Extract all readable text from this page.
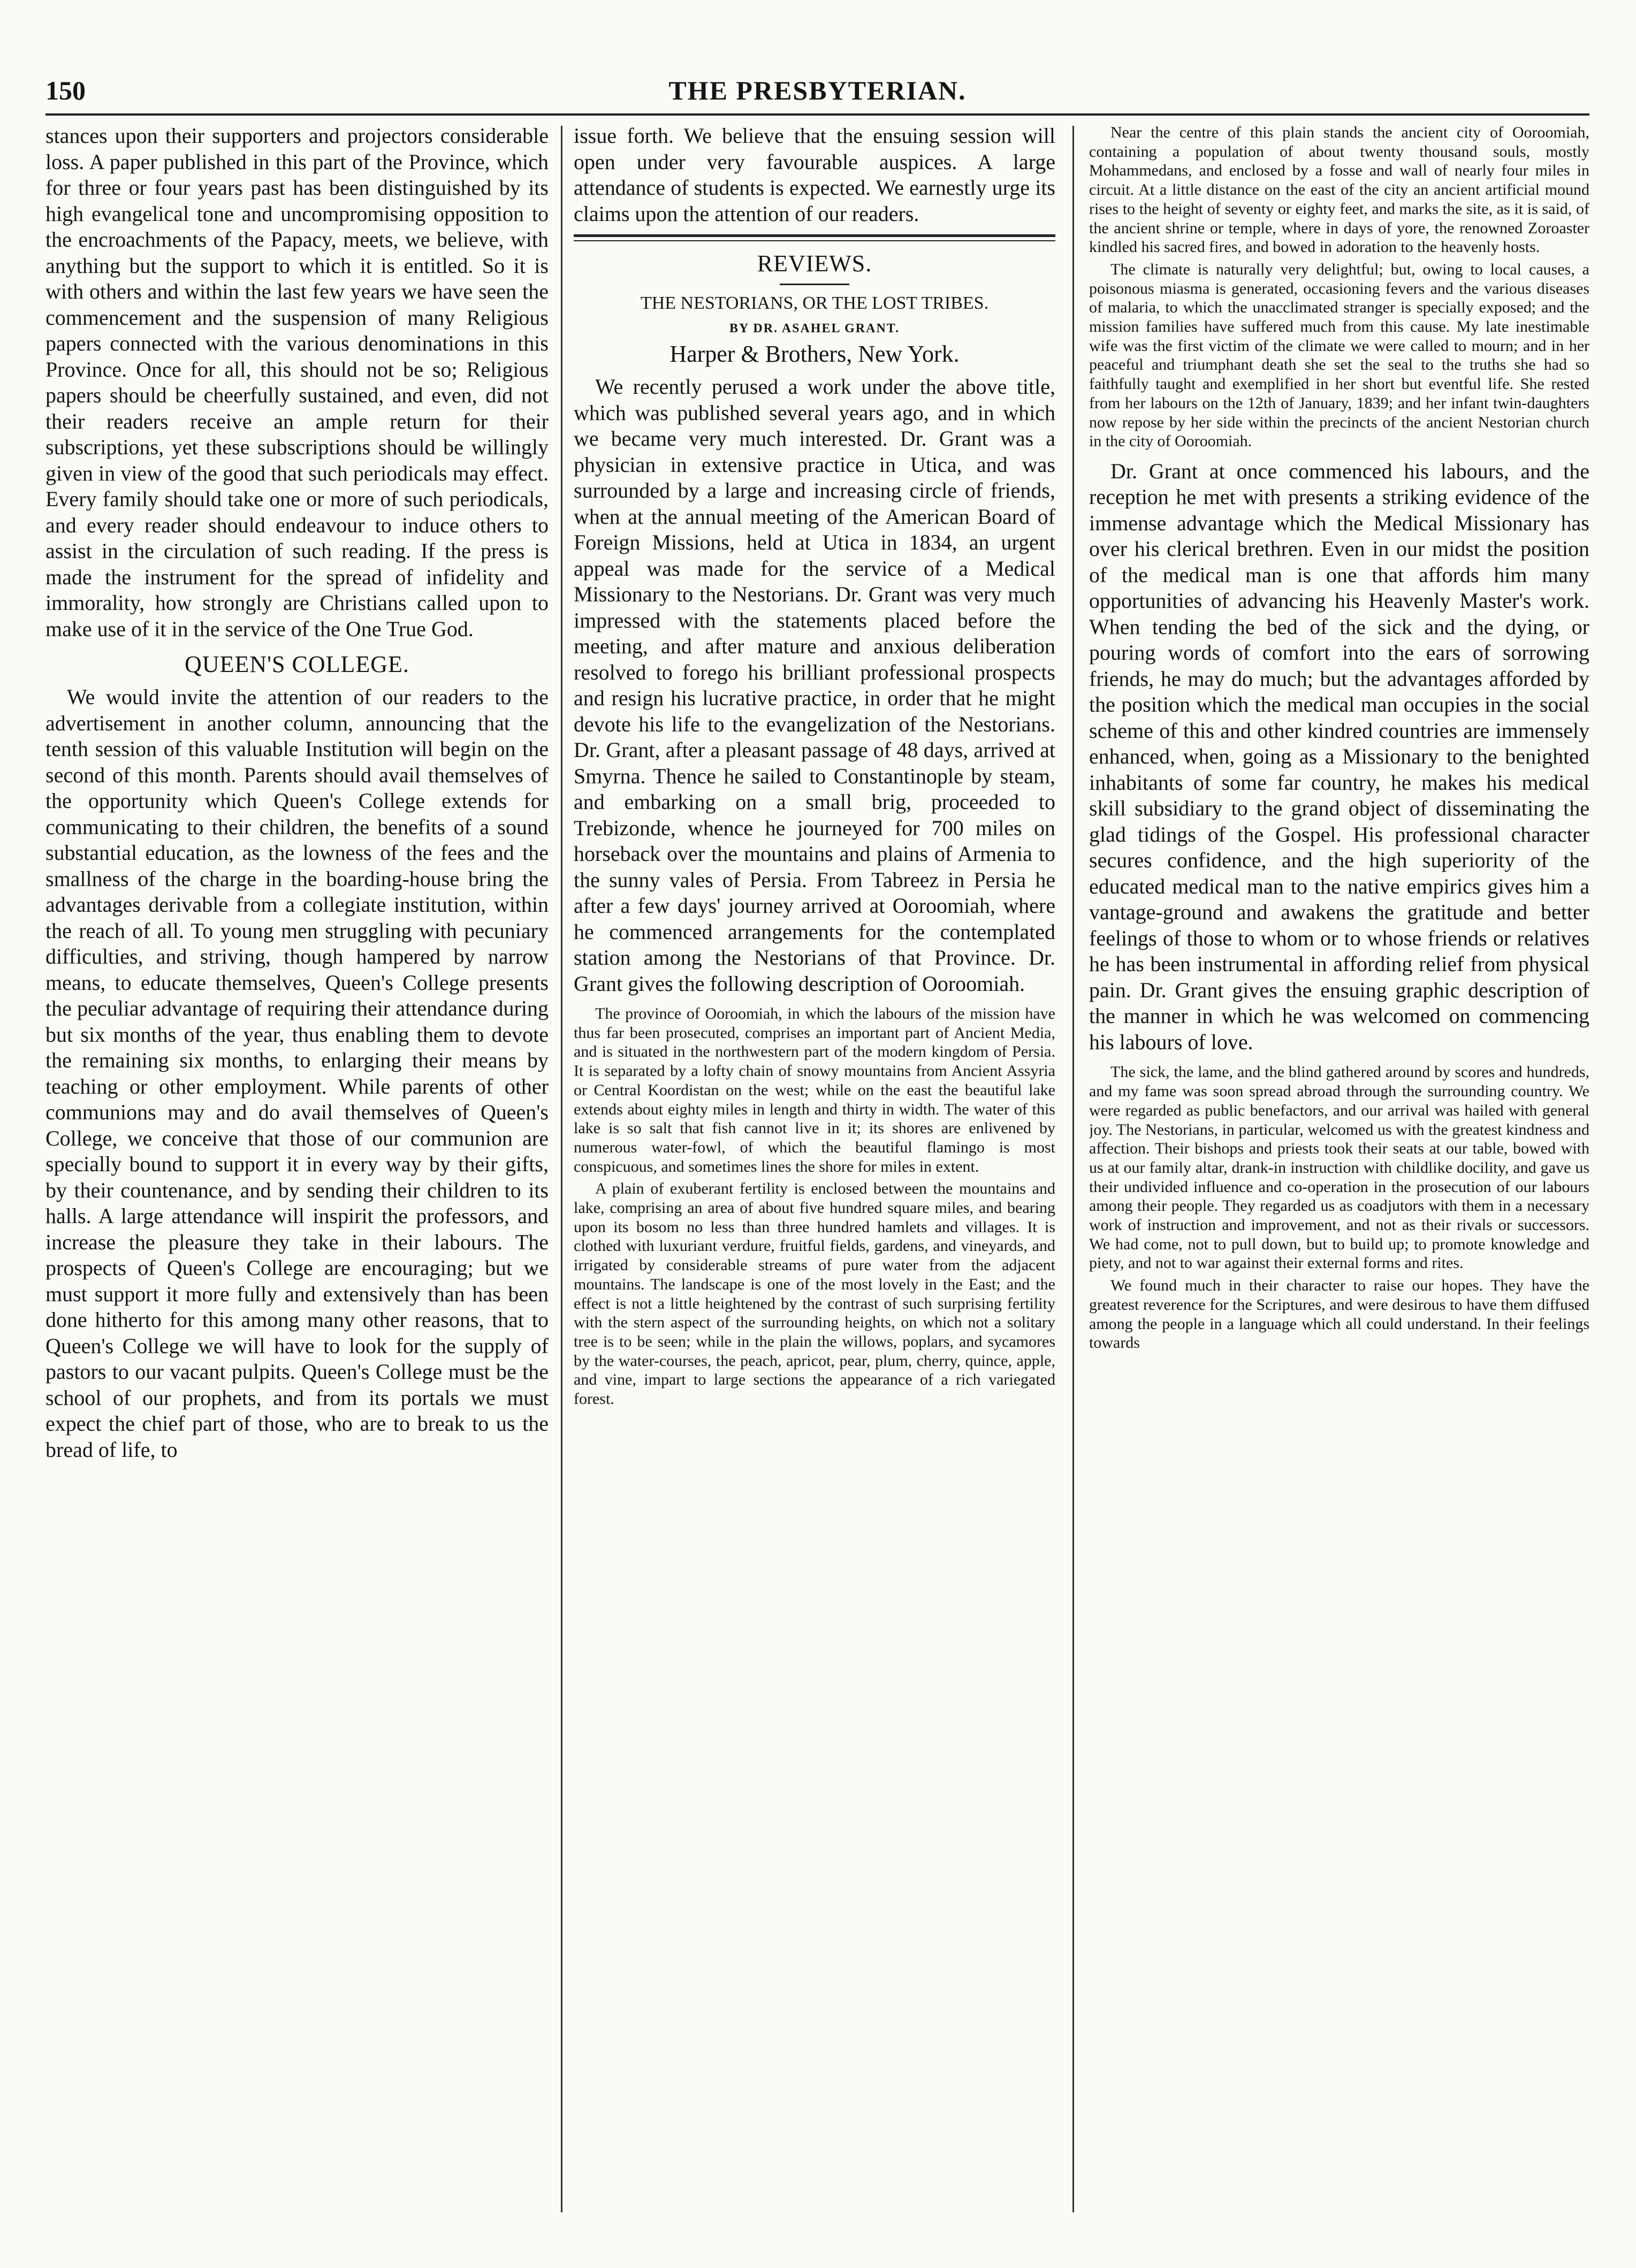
150	THE PRESBYTERIAN.

stances upon their supporters and projectors considerable loss. A paper published in this part of the Province, which for three or four years past has been distinguished by its high evangelical tone and uncompromising opposition to the encroachments of the Papacy, meets, we believe, with anything but the support to which it is entitled. So it is with others and within the last few years we have seen the commencement and the suspension of many Religious papers connected with the various denominations in this Province. Once for all, this should not be so; Religious papers should be cheerfully sustained, and even, did not their readers receive an ample return for their subscriptions, yet these subscriptions should be willingly given in view of the good that such periodicals may effect. Every family should take one or more of such periodicals, and every reader should endeavour to induce others to assist in the circulation of such reading. If the press is made the instrument for the spread of infidelity and immorality, how strongly are Christians called upon to make use of it in the service of the One True God.

QUEEN'S COLLEGE.

We would invite the attention of our readers to the advertisement in another column, announcing that the tenth session of this valuable Institution will begin on the second of this month. Parents should avail themselves of the opportunity which Queen's College extends for communicating to their children, the benefits of a sound substantial education, as the lowness of the fees and the smallness of the charge in the boarding-house bring the advantages derivable from a collegiate institution, within the reach of all. To young men struggling with pecuniary difficulties, and striving, though hampered by narrow means, to educate themselves, Queen's College presents the peculiar advantage of requiring their attendance during but six months of the year, thus enabling them to devote the remaining six months, to enlarging their means by teaching or other employment. While parents of other communions may and do avail themselves of Queen's College, we conceive that those of our communion are specially bound to support it in every way by their gifts, by their countenance, and by sending their children to its halls. A large attendance will inspirit the professors, and increase the pleasure they take in their labours. The prospects of Queen's College are encouraging; but we must support it more fully and extensively than has been done hitherto for this among many other reasons, that to Queen's College we will have to look for the supply of pastors to our vacant pulpits. Queen's College must be the school of our prophets, and from its portals we must expect the chief part of those, who are to break to us the bread of life, to

issue forth. We believe that the ensuing session will open under very favourable auspices. A large attendance of students is expected. We earnestly urge its claims upon the attention of our readers.

REVIEWS.
THE NESTORIANS, OR THE LOST TRIBES.
BY DR. ASAHEL GRANT.
Harper & Brothers, New York.

We recently perused a work under the above title, which was published several years ago, and in which we became very much interested. Dr. Grant was a physician in extensive practice in Utica, and was surrounded by a large and increasing circle of friends, when at the annual meeting of the American Board of Foreign Missions, held at Utica in 1834, an urgent appeal was made for the service of a Medical Missionary to the Nestorians. Dr. Grant was very much impressed with the statements placed before the meeting, and after mature and anxious deliberation resolved to forego his brilliant professional prospects and resign his lucrative practice, in order that he might devote his life to the evangelization of the Nestorians. Dr. Grant, after a pleasant passage of 48 days, arrived at Smyrna. Thence he sailed to Constantinople by steam, and embarking on a small brig, proceeded to Trebizonde, whence he journeyed for 700 miles on horseback over the mountains and plains of Armenia to the sunny vales of Persia. From Tabreez in Persia he after a few days' journey arrived at Ooroomiah, where he commenced arrangements for the contemplated station among the Nestorians of that Province. Dr. Grant gives the following description of Ooroomiah.

The province of Ooroomiah, in which the labours of the mission have thus far been prosecuted, comprises an important part of Ancient Media, and is situated in the northwestern part of the modern kingdom of Persia. It is separated by a lofty chain of snowy mountains from Ancient Assyria or Central Koordistan on the west; while on the east the beautiful lake extends about eighty miles in length and thirty in width. The water of this lake is so salt that fish cannot live in it; its shores are enlivened by numerous water-fowl, of which the beautiful flamingo is most conspicuous, and sometimes lines the shore for miles in extent.

A plain of exuberant fertility is enclosed between the mountains and lake, comprising an area of about five hundred square miles, and bearing upon its bosom no less than three hundred hamlets and villages. It is clothed with luxuriant verdure, fruitful fields, gardens, and vineyards, and irrigated by considerable streams of pure water from the adjacent mountains. The landscape is one of the most lovely in the East; and the effect is not a little heightened by the contrast of such surprising fertility with the stern aspect of the surrounding heights, on which not a solitary tree is to be seen; while in the plain the willows, poplars, and sycamores by the water-courses, the peach, apricot, pear, plum, cherry, quince, apple, and vine, impart to large sections the appearance of a rich variegated forest.

Near the centre of this plain stands the ancient city of Ooroomiah, containing a population of about twenty thousand souls, mostly Mohammedans, and enclosed by a fosse and wall of nearly four miles in circuit. At a little distance on the east of the city an ancient artificial mound rises to the height of seventy or eighty feet, and marks the site, as it is said, of the ancient shrine or temple, where in days of yore, the renowned Zoroaster kindled his sacred fires, and bowed in adoration to the heavenly hosts.

The climate is naturally very delightful; but, owing to local causes, a poisonous miasma is generated, occasioning fevers and the various diseases of malaria, to which the unacclimated stranger is specially exposed; and the mission families have suffered much from this cause. My late inestimable wife was the first victim of the climate we were called to mourn; and in her peaceful and triumphant death she set the seal to the truths she had so faithfully taught and exemplified in her short but eventful life. She rested from her labours on the 12th of January, 1839; and her infant twin-daughters now repose by her side within the precincts of the ancient Nestorian church in the city of Ooroomiah.

Dr. Grant at once commenced his labours, and the reception he met with presents a striking evidence of the immense advantage which the Medical Missionary has over his clerical brethren. Even in our midst the position of the medical man is one that affords him many opportunities of advancing his Heavenly Master's work. When tending the bed of the sick and the dying, or pouring words of comfort into the ears of sorrowing friends, he may do much; but the advantages afforded by the position which the medical man occupies in the social scheme of this and other kindred countries are immensely enhanced, when, going as a Missionary to the benighted inhabitants of some far country, he makes his medical skill subsidiary to the grand object of disseminating the glad tidings of the Gospel. His professional character secures confidence, and the high superiority of the educated medical man to the native empirics gives him a vantage-ground and awakens the gratitude and better feelings of those to whom or to whose friends or relatives he has been instrumental in affording relief from physical pain. Dr. Grant gives the ensuing graphic description of the manner in which he was welcomed on commencing his labours of love.

The sick, the lame, and the blind gathered around by scores and hundreds, and my fame was soon spread abroad through the surrounding country. We were regarded as public benefactors, and our arrival was hailed with general joy. The Nestorians, in particular, welcomed us with the greatest kindness and affection. Their bishops and priests took their seats at our table, bowed with us at our family altar, drank-in instruction with childlike docility, and gave us their undivided influence and co-operation in the prosecution of our labours among their people. They regarded us as coadjutors with them in a necessary work of instruction and improvement, and not as their rivals or successors. We had come, not to pull down, but to build up; to promote knowledge and piety, and not to war against their external forms and rites.

We found much in their character to raise our hopes. They have the greatest reverence for the Scriptures, and were desirous to have them diffused among the people in a language which all could understand. In their feelings towards
